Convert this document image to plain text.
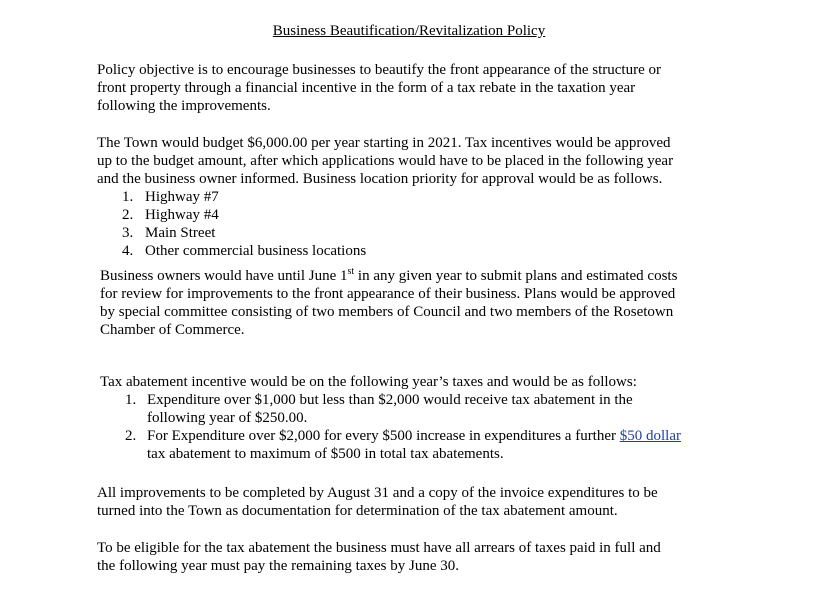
Business Beautification/Revitalization Policy

Policy objective is to encourage businesses to beautify the front appearance of the structure or
front property through a financial incentive in the form of a tax rebate in the taxation year
following the improvements.

The Town would budget $6,000.00 per year starting in 2021. Tax incentives would be approved
up to the budget amount, after which applications would have to be placed in the following year
and the business owner informed. Business location priority for approval would be as follows.

1. Highway #7
2. Highway #4
3. Main Street
4. Other commercial business locations

Business owners would have until June 1st in any given year to submit plans and estimated costs
for review for improvements to the front appearance of their business. Plans would be approved
by special committee consisting of two members of Council and two members of the Rosetown
Chamber of Commerce.

Tax abatement incentive would be on the following year’s taxes and would be as follows:

1. Expenditure over $1,000 but less than $2,000 would receive tax abatement in the
following year of $250.00.
2. For Expenditure over $2,000 for every $500 increase in expenditures a further $50 dollar
tax abatement to maximum of $500 in total tax abatements.

All improvements to be completed by August 31 and a copy of the invoice expenditures to be
turned into the Town as documentation for determination of the tax abatement amount.

To be eligible for the tax abatement the business must have all arrears of taxes paid in full and
the following year must pay the remaining taxes by June 30.
